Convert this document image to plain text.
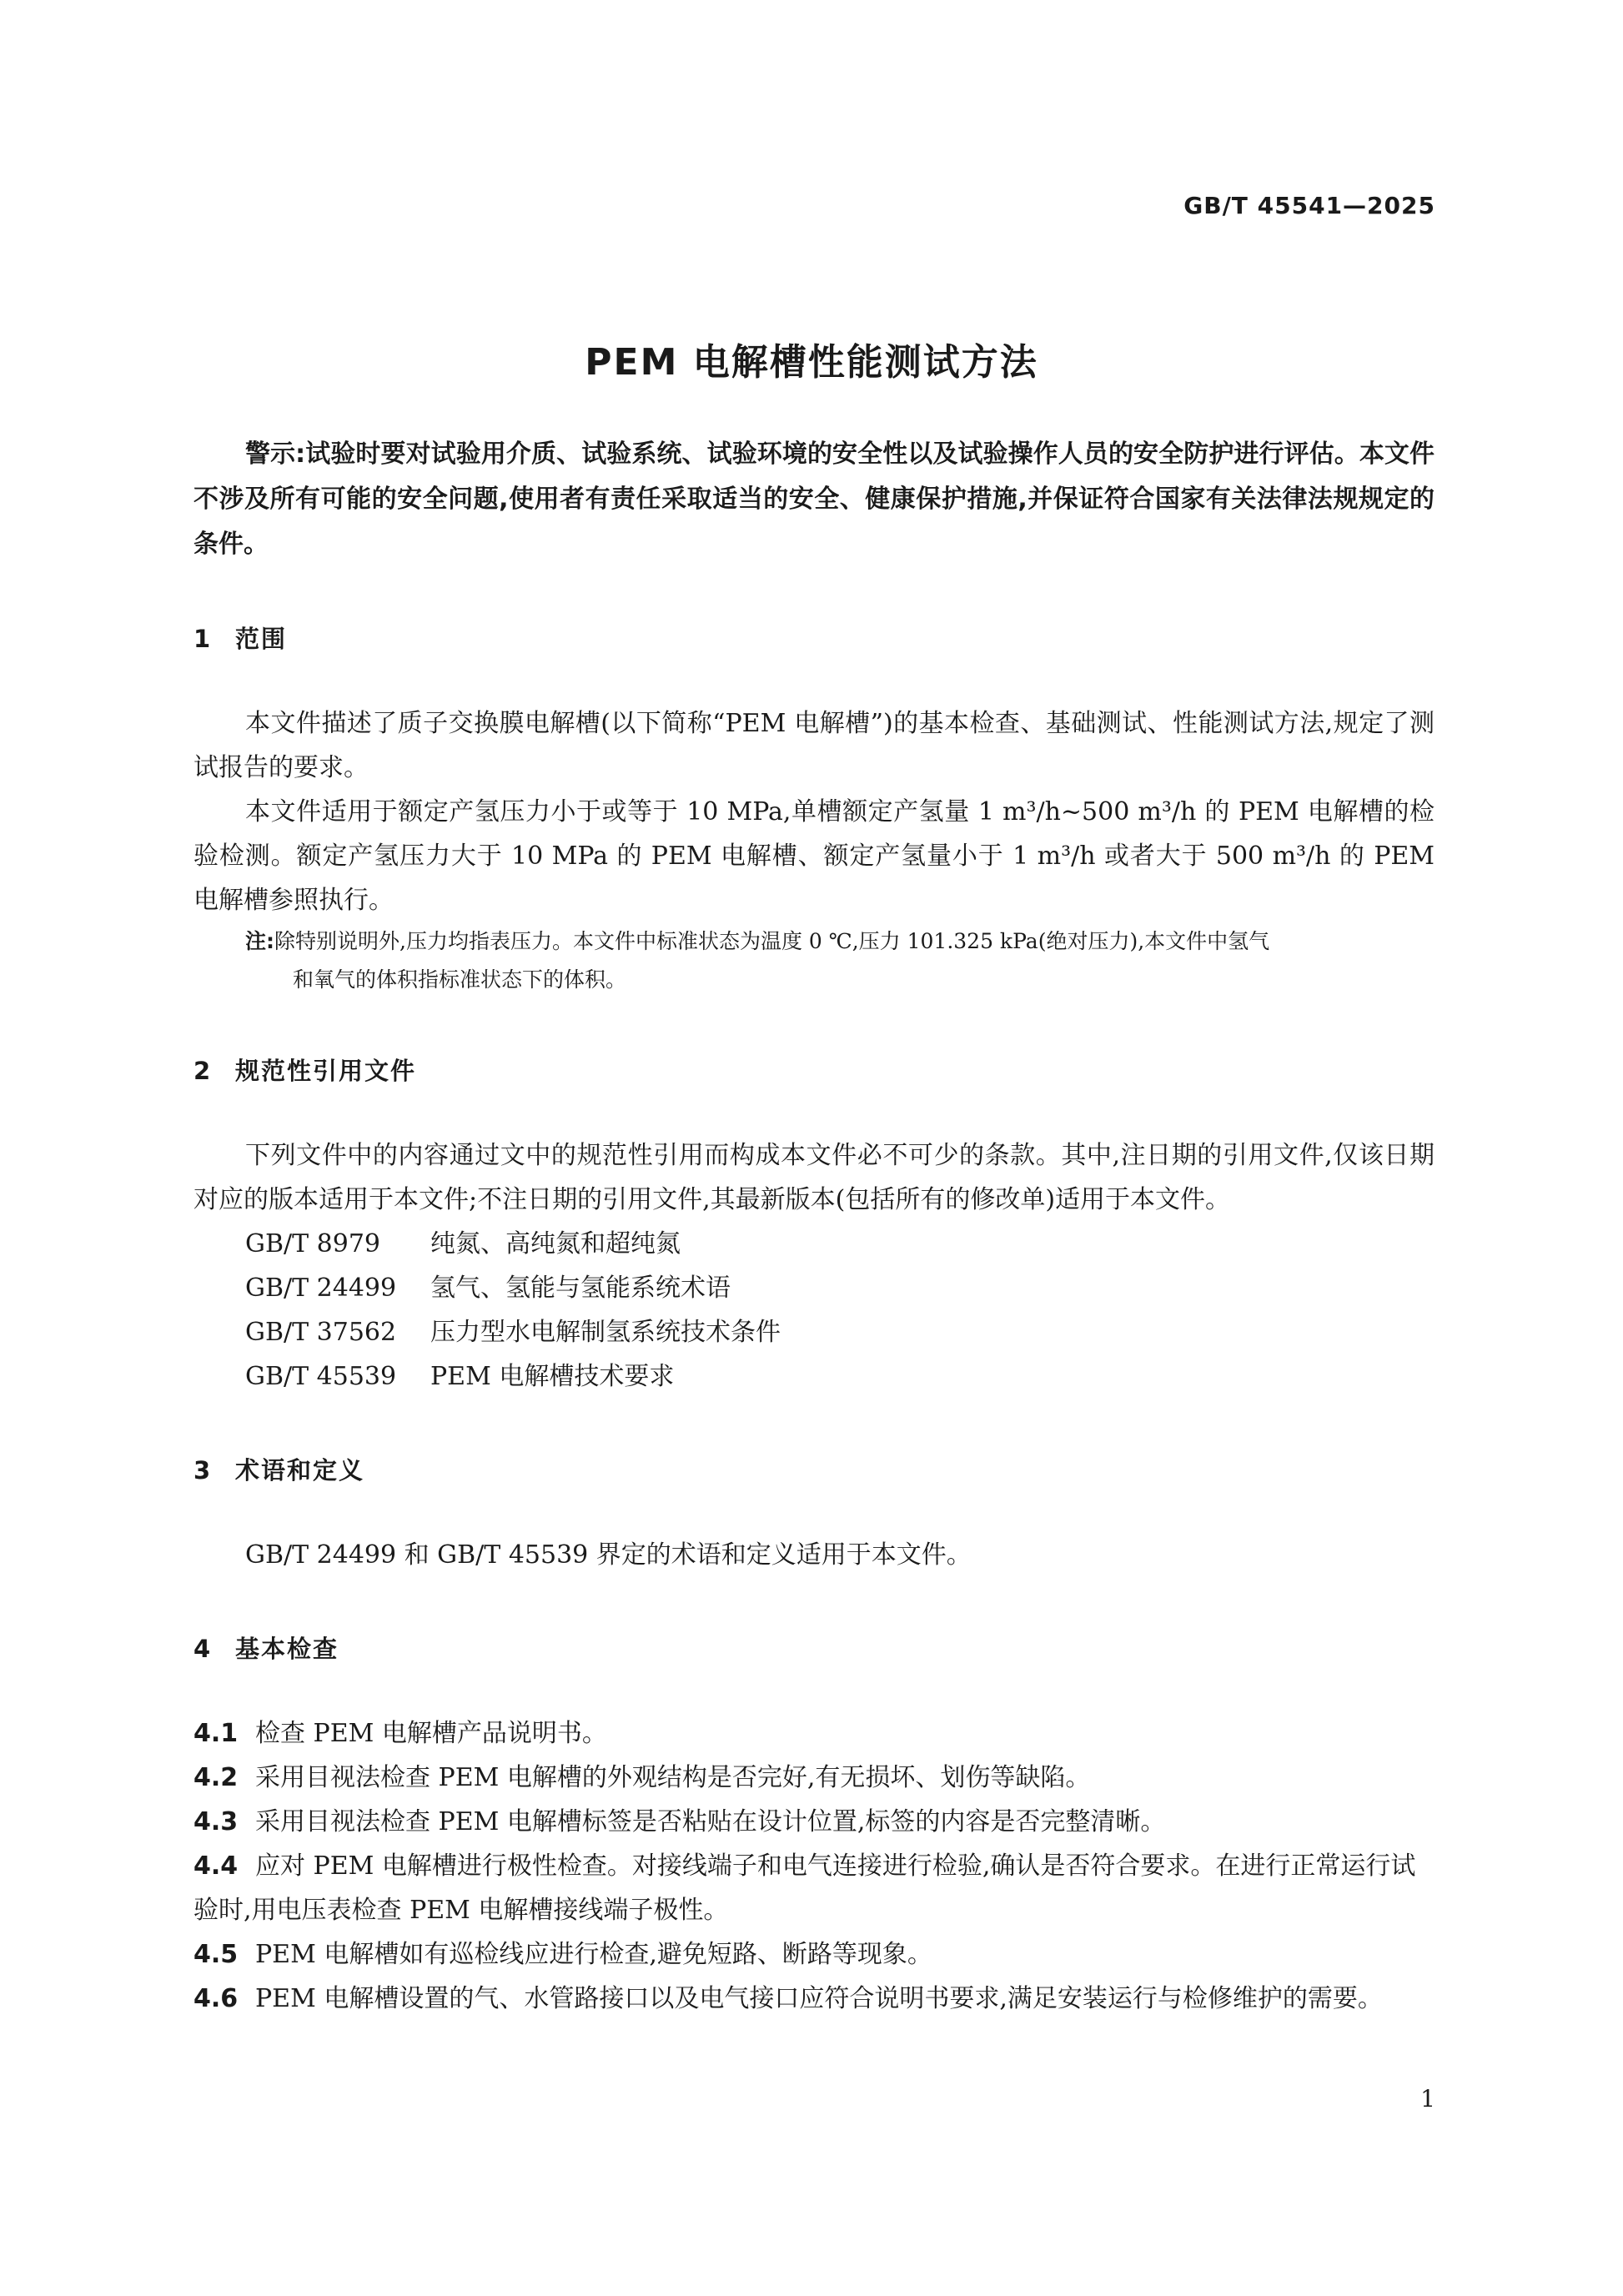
GB/T 45541—2025
PEM 电解槽性能测试方法

警示:试验时要对试验用介质、试验系统、试验环境的安全性以及试验操作人员的安全防护进行评估。本文件不涉及所有可能的安全问题,使用者有责任采取适当的安全、健康保护措施,并保证符合国家有关法律法规规定的条件。

1 范围

本文件描述了质子交换膜电解槽(以下简称“PEM 电解槽”)的基本检查、基础测试、性能测试方法,规定了测试报告的要求。

本文件适用于额定产氢压力小于或等于 10 MPa,单槽额定产氢量 1 m³/h~500 m³/h 的 PEM 电解槽的检验检测。额定产氢压力大于 10 MPa 的 PEM 电解槽、额定产氢量小于 1 m³/h 或者大于 500 m³/h 的 PEM 电解槽参照执行。

注:除特别说明外,压力均指表压力。本文件中标准状态为温度 0 ℃,压力 101.325 kPa(绝对压力),本文件中氢气
和氧气的体积指标准状态下的体积。

2 规范性引用文件

下列文件中的内容通过文中的规范性引用而构成本文件必不可少的条款。其中,注日期的引用文件,仅该日期对应的版本适用于本文件;不注日期的引用文件,其最新版本(包括所有的修改单)适用于本文件。

GB/T 8979 纯氮、高纯氮和超纯氮

GB/T 24499 氢气、氢能与氢能系统术语

GB/T 37562 压力型水电解制氢系统技术条件

GB/T 45539 PEM 电解槽技术要求

3 术语和定义

GB/T 24499 和 GB/T 45539 界定的术语和定义适用于本文件。

4 基本检查

4.1 检查 PEM 电解槽产品说明书。

4.2 采用目视法检查 PEM 电解槽的外观结构是否完好,有无损坏、划伤等缺陷。

4.3 采用目视法检查 PEM 电解槽标签是否粘贴在设计位置,标签的内容是否完整清晰。

4.4 应对 PEM 电解槽进行极性检查。对接线端子和电气连接进行检验,确认是否符合要求。在进行正常运行试验时,用电压表检查 PEM 电解槽接线端子极性。

4.5 PEM 电解槽如有巡检线应进行检查,避免短路、断路等现象。

4.6 PEM 电解槽设置的气、水管路接口以及电气接口应符合说明书要求,满足安装运行与检修维护的需要。

1
